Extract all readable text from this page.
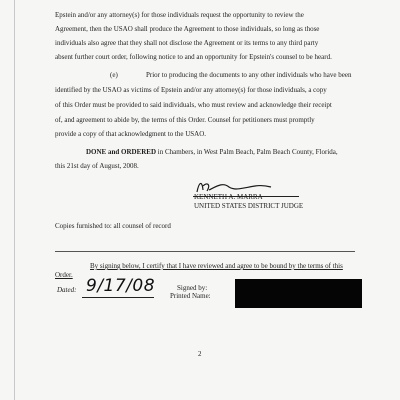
Epstein and/or any attorney(s) for those individuals request the opportunity to review the
Agreement, then the USAO shall produce the Agreement to those individuals, so long as those
individuals also agree that they shall not disclose the Agreement or its terms to any third party
absent further court order, following notice to and an opportunity for Epstein's counsel to be heard.
(e)	Prior to producing the documents to any other individuals who have been
identified by the USAO as victims of Epstein and/or any attorney(s) for those individuals, a copy
of this Order must be provided to said individuals, who must review and acknowledge their receipt
of, and agreement to abide by, the terms of this Order. Counsel for petitioners must promptly
provide a copy of that acknowledgment to the USAO.
DONE and ORDERED in Chambers, in West Palm Beach, Palm Beach County, Florida,
this 21st day of August, 2008.
KENNETH A. MARRA
UNITED STATES DISTRICT JUDGE
Copies furnished to: all counsel of record
By signing below, I certify that I have reviewed and agree to be bound by the terms of this
Order.
Dated: 9/17/08	Signed by:
Printed Name:
2
